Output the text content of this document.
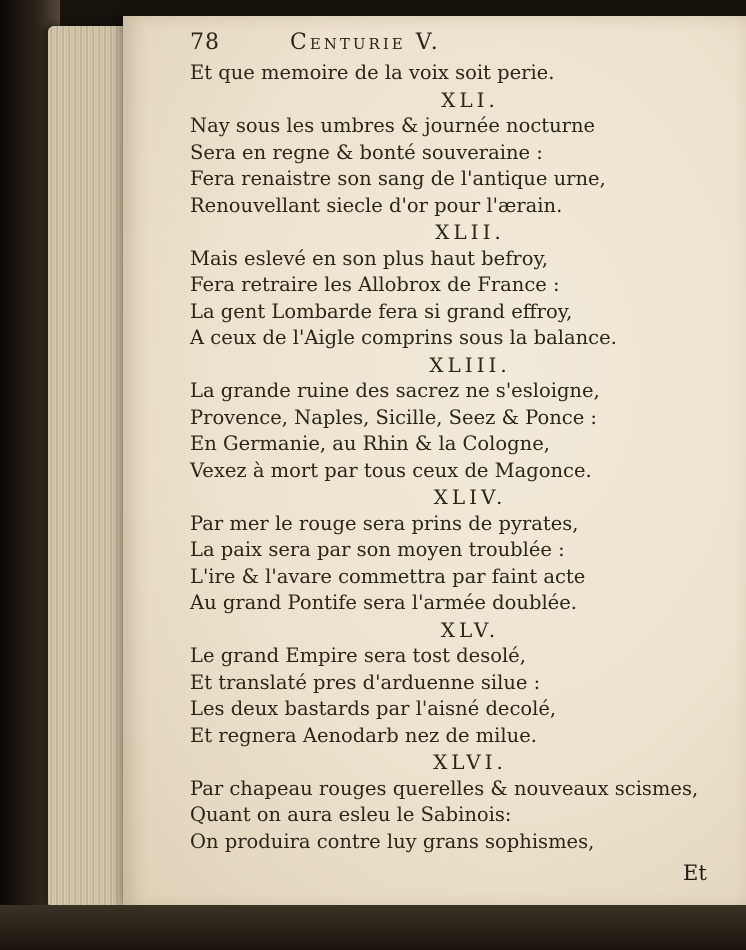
78	Centurie V.
Et que memoire de la voix soit perie.
XLI.
Nay sous les umbres & journée nocturne
Sera en regne & bonté souveraine :
Fera renaistre son sang de l'antique urne,
Renouvellant siecle d'or pour l'ærain.
XLII.
Mais eslevé en son plus haut befroy,
Fera retraire les Allobrox de France :
La gent Lombarde fera si grand effroy,
A ceux de l'Aigle comprins sous la balance.
XLIII.
La grande ruine des sacrez ne s'esloigne,
Provence, Naples, Sicille, Seez & Ponce :
En Germanie, au Rhin & la Cologne,
Vexez à mort par tous ceux de Magonce.
XLIV.
Par mer le rouge sera prins de pyrates,
La paix sera par son moyen troublée :
L'ire & l'avare commettra par faint acte
Au grand Pontife sera l'armée doublée.
XLV.
Le grand Empire sera tost desolé,
Et translaté pres d'arduenne silue :
Les deux bastards par l'aisné decolé,
Et regnera Aenodarb nez de milue.
XLVI.
Par chapeau rouges querelles & nouveaux scismes,
Quant on aura esleu le Sabinois:
On produira contre luy grans sophismes,
Et
